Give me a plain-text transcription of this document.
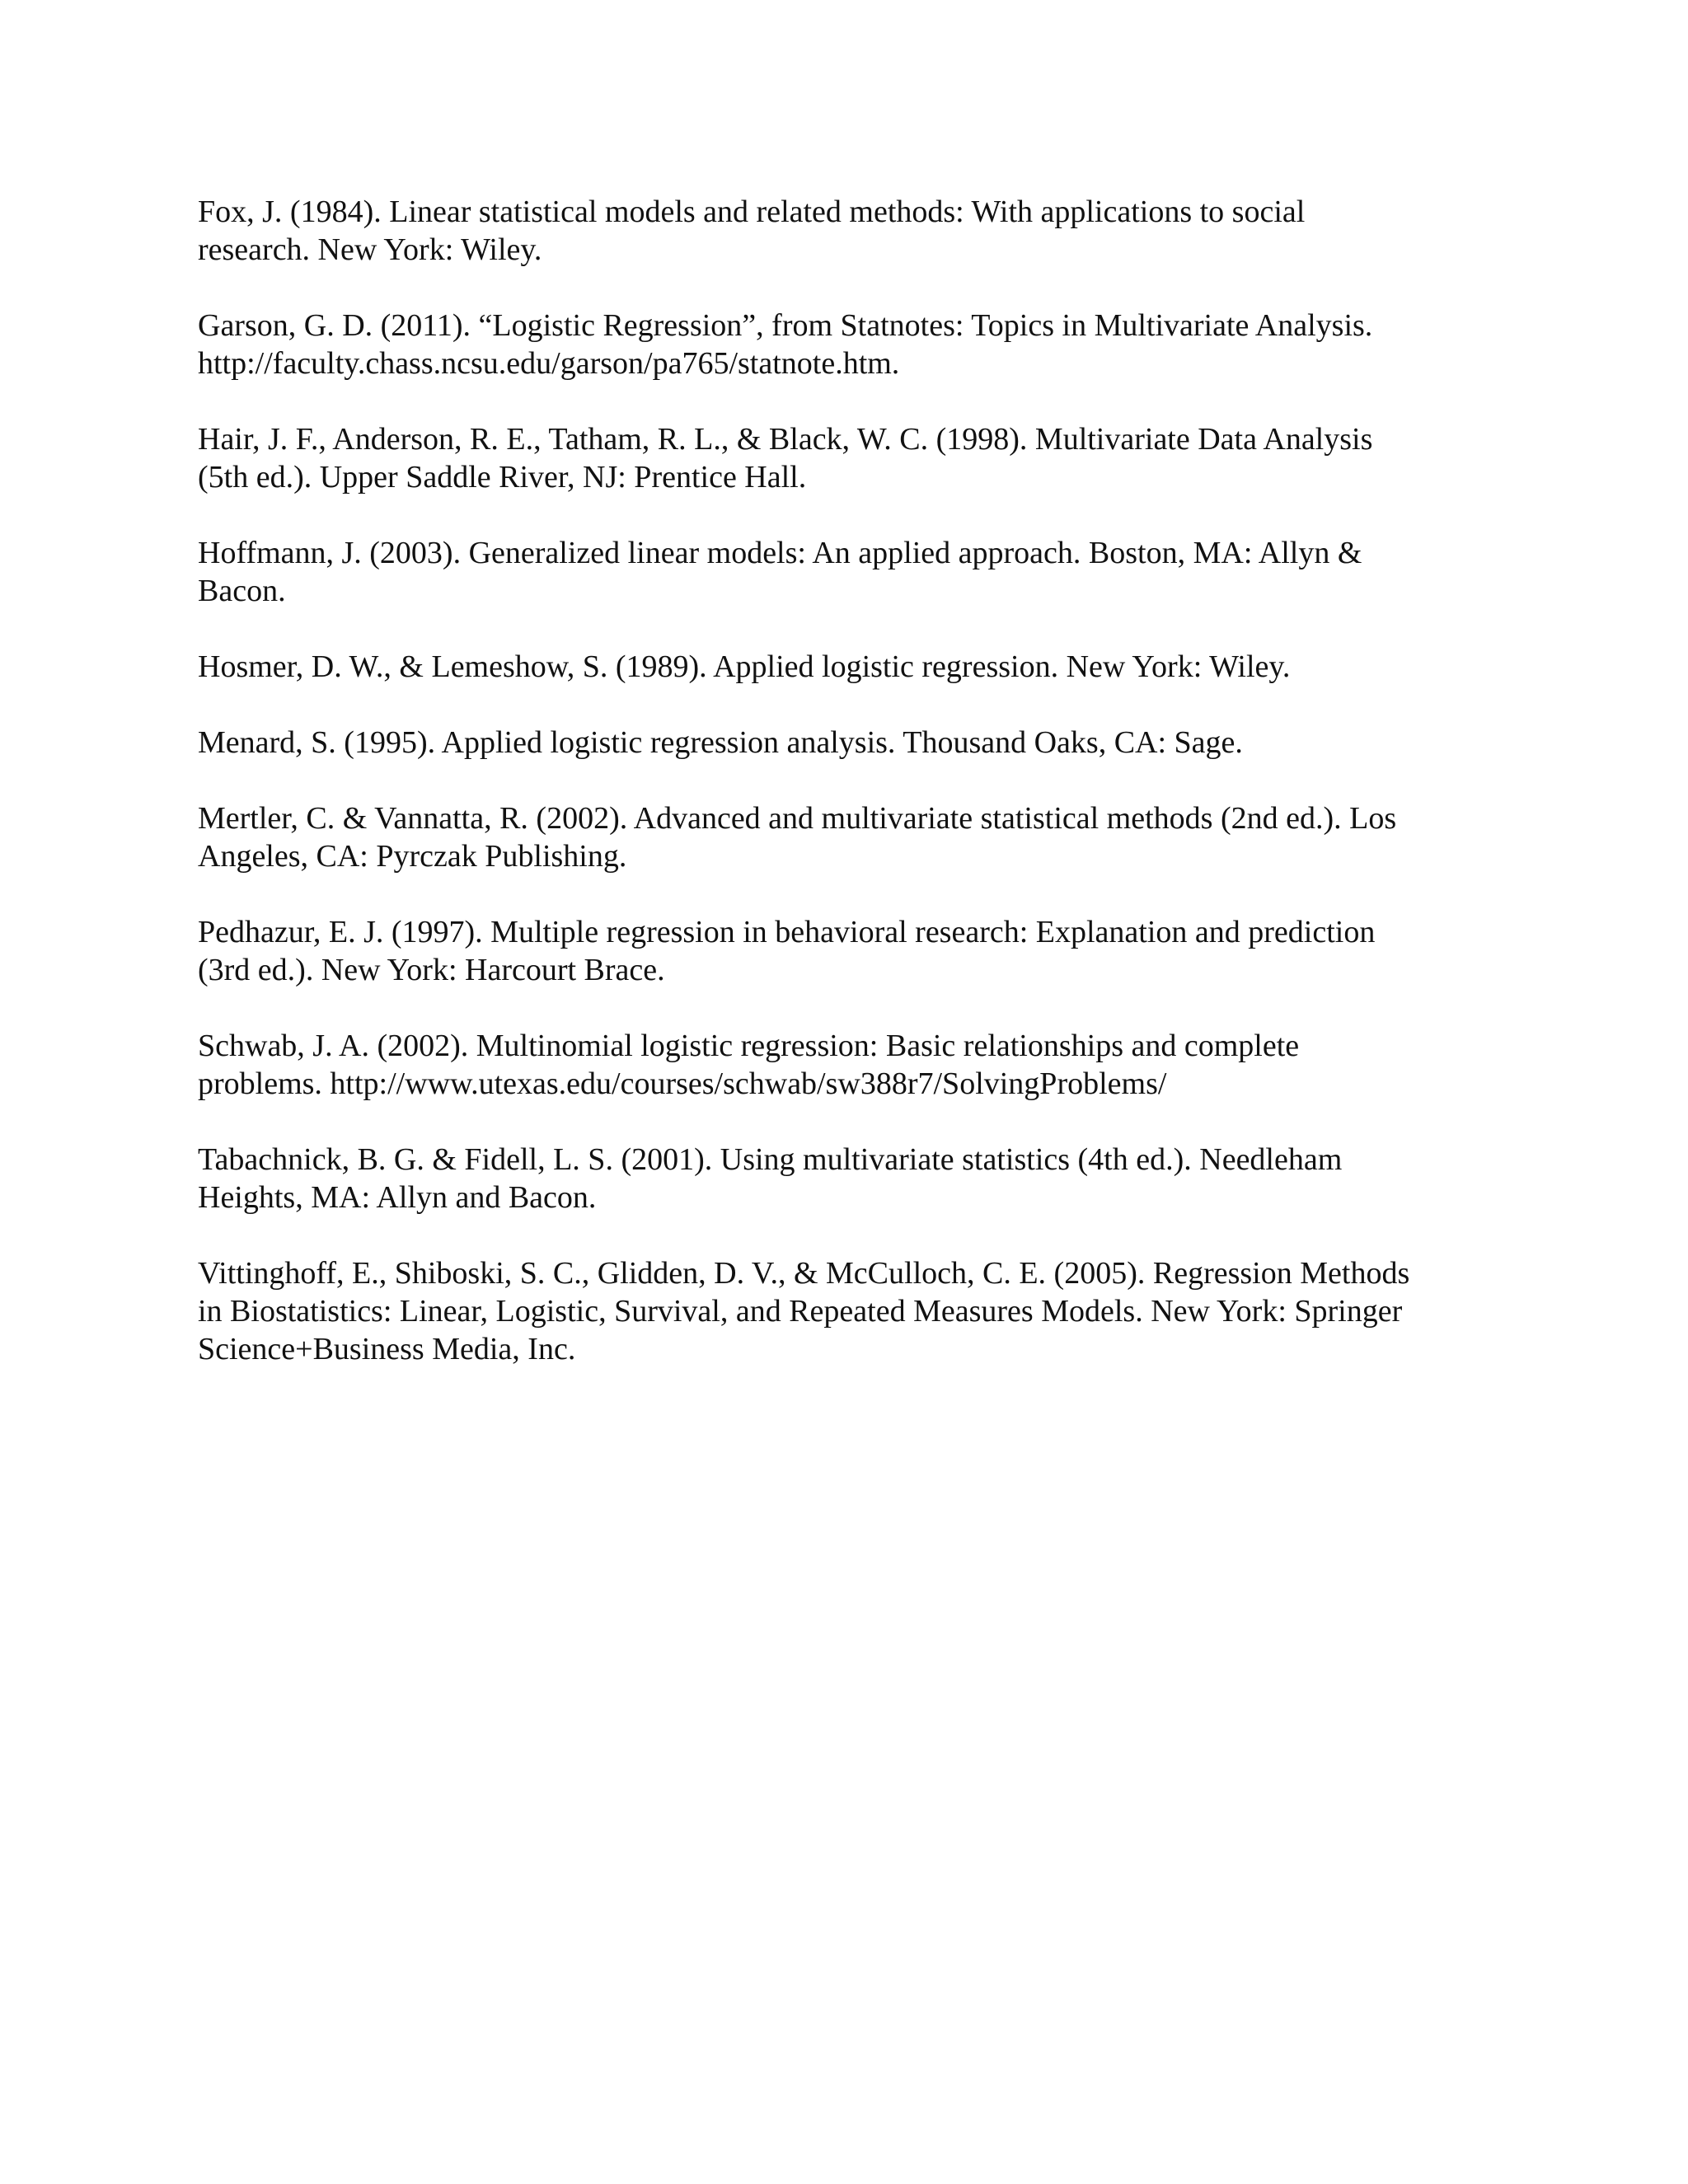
Fox, J. (1984). Linear statistical models and related methods: With applications to social
research. New York: Wiley.
Garson, G. D. (2011). “Logistic Regression”, from Statnotes: Topics in Multivariate Analysis.
http://faculty.chass.ncsu.edu/garson/pa765/statnote.htm.
Hair, J. F., Anderson, R. E., Tatham, R. L., & Black, W. C. (1998). Multivariate Data Analysis
(5th ed.). Upper Saddle River, NJ: Prentice Hall.
Hoffmann, J. (2003). Generalized linear models: An applied approach. Boston, MA: Allyn &
Bacon.
Hosmer, D. W., & Lemeshow, S. (1989). Applied logistic regression. New York: Wiley.
Menard, S. (1995). Applied logistic regression analysis. Thousand Oaks, CA: Sage.
Mertler, C. & Vannatta, R. (2002). Advanced and multivariate statistical methods (2nd ed.). Los
Angeles, CA: Pyrczak Publishing.
Pedhazur, E. J. (1997). Multiple regression in behavioral research: Explanation and prediction
(3rd ed.). New York: Harcourt Brace.
Schwab, J. A. (2002). Multinomial logistic regression: Basic relationships and complete
problems. http://www.utexas.edu/courses/schwab/sw388r7/SolvingProblems/
Tabachnick, B. G. & Fidell, L. S. (2001). Using multivariate statistics (4th ed.). Needleham
Heights, MA: Allyn and Bacon.
Vittinghoff, E., Shiboski, S. C., Glidden, D. V., & McCulloch, C. E. (2005). Regression Methods
in Biostatistics: Linear, Logistic, Survival, and Repeated Measures Models. New York: Springer
Science+Business Media, Inc.
